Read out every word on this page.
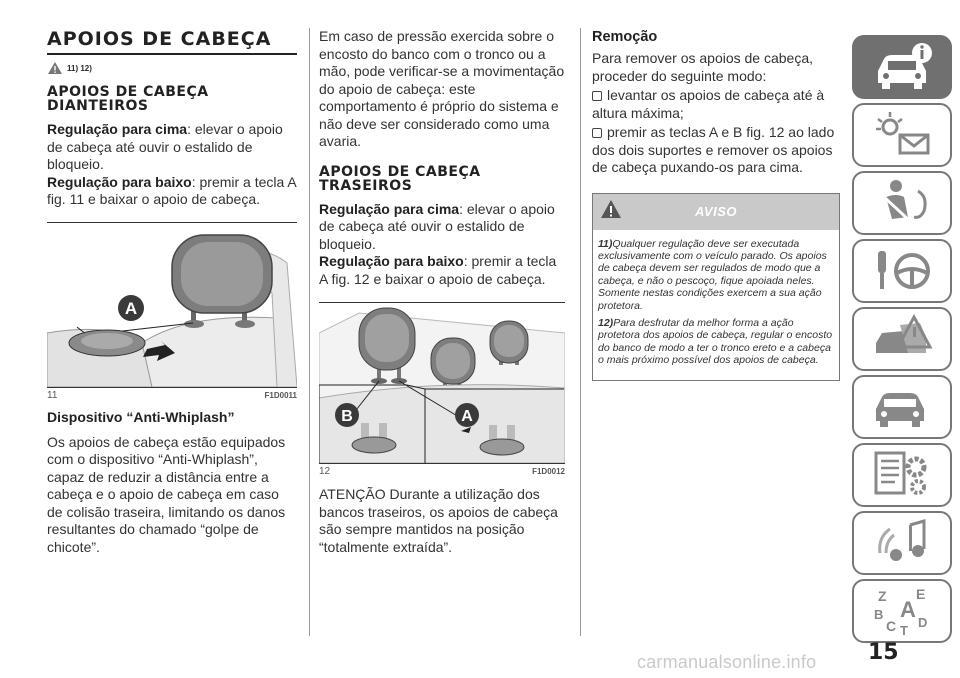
APOIOS DE CABEÇA
11) 12)
APOIOS DE CABEÇA DIANTEIROS

Regulação para cima: elevar o apoio de cabeça até ouvir o estalido de bloqueio.

Regulação para baixo: premir a tecla A fig. 11 e baixar o apoio de cabeça.

A
11	F1D0011
Dispositivo “Anti-Whiplash”

Os apoios de cabeça estão equipados com o dispositivo “Anti-Whiplash”, capaz de reduzir a distância entre a cabeça e o apoio de cabeça em caso de colisão traseira, limitando os danos resultantes do chamado “golpe de chicote”.

Em caso de pressão exercida sobre o encosto do banco com o tronco ou a mão, pode verificar-se a movimentação do apoio de cabeça: este comportamento é próprio do sistema e não deve ser considerado como uma avaria.

APOIOS DE CABEÇA TRASEIROS

Regulação para cima: elevar o apoio de cabeça até ouvir o estalido de bloqueio.

Regulação para baixo: premir a tecla A fig. 12 e baixar o apoio de cabeça.

B	A
12	F1D0012

ATENÇÃO Durante a utilização dos bancos traseiros, os apoios de cabeça são sempre mantidos na posição “totalmente extraída”.

Remoção

Para remover os apoios de cabeça, proceder do seguinte modo:

levantar os apoios de cabeça até à altura máxima;

premir as teclas A e B fig. 12 ao lado dos dois suportes e remover os apoios de cabeça puxando-os para cima.

AVISO

11)Qualquer regulação deve ser executada exclusivamente com o veículo parado. Os apoios de cabeça devem ser regulados de modo que a cabeça, e não o pescoço, fique apoiada neles. Somente nestas condições exercem a sua ação protetora.

12)Para desfrutar da melhor forma a ação protetora dos apoios de cabeça, regular o encosto do banco de modo a ter o tronco ereto e a cabeça o mais próximo possível dos apoios de cabeça.

Z E
B A
C D
T
15
carmanualsonline.info
